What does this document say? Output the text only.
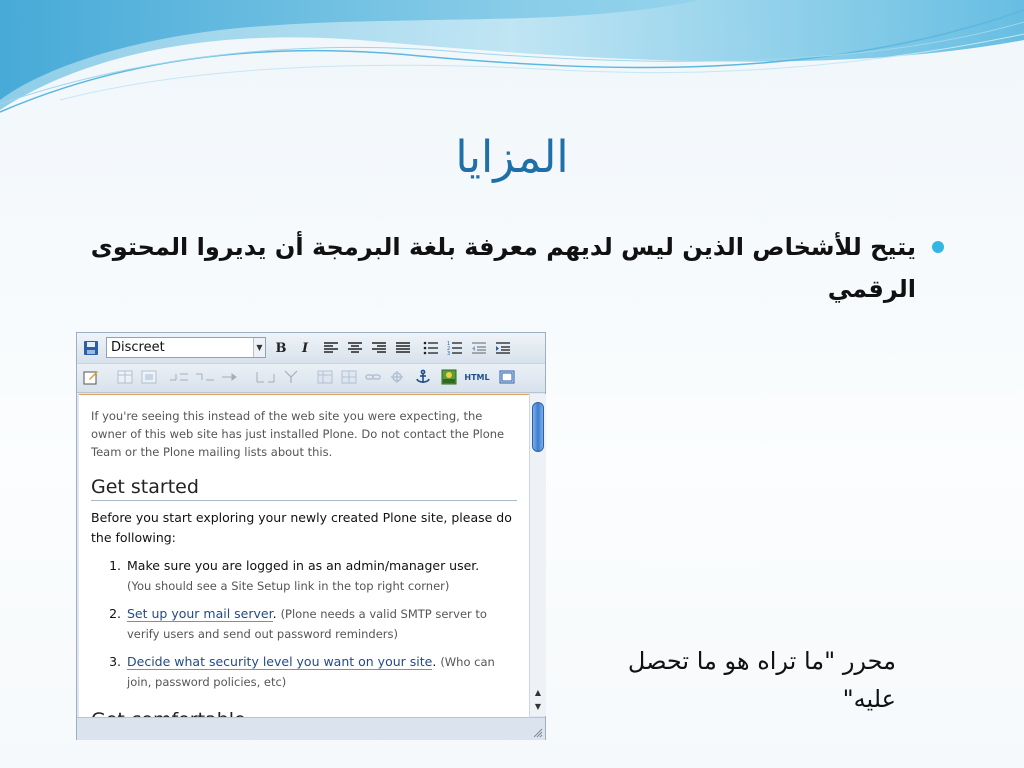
المزايا
يتيح للأشخاص الذين ليس لديهم معرفة بلغة البرمجة أن يديروا المحتوى الرقمي
Discreet	▼ B	I	1
2
3
HTML
If you're seeing this instead of the web site you were expecting, the owner of this web site has just installed Plone. Do not contact the Plone Team or the Plone mailing lists about this.
Get started
Before you start exploring your newly created Plone site, please do the following:
1. Make sure you are logged in as an admin/manager user.
(You should see a Site Setup link in the top right corner)
2. Set up your mail server. (Plone needs a valid SMTP server to verify users and send out password reminders)
3. Decide what security level you want on your site. (Who can join, password policies, etc)
▲
▼
محرر "ما تراه هو ما تحصل عليه"
